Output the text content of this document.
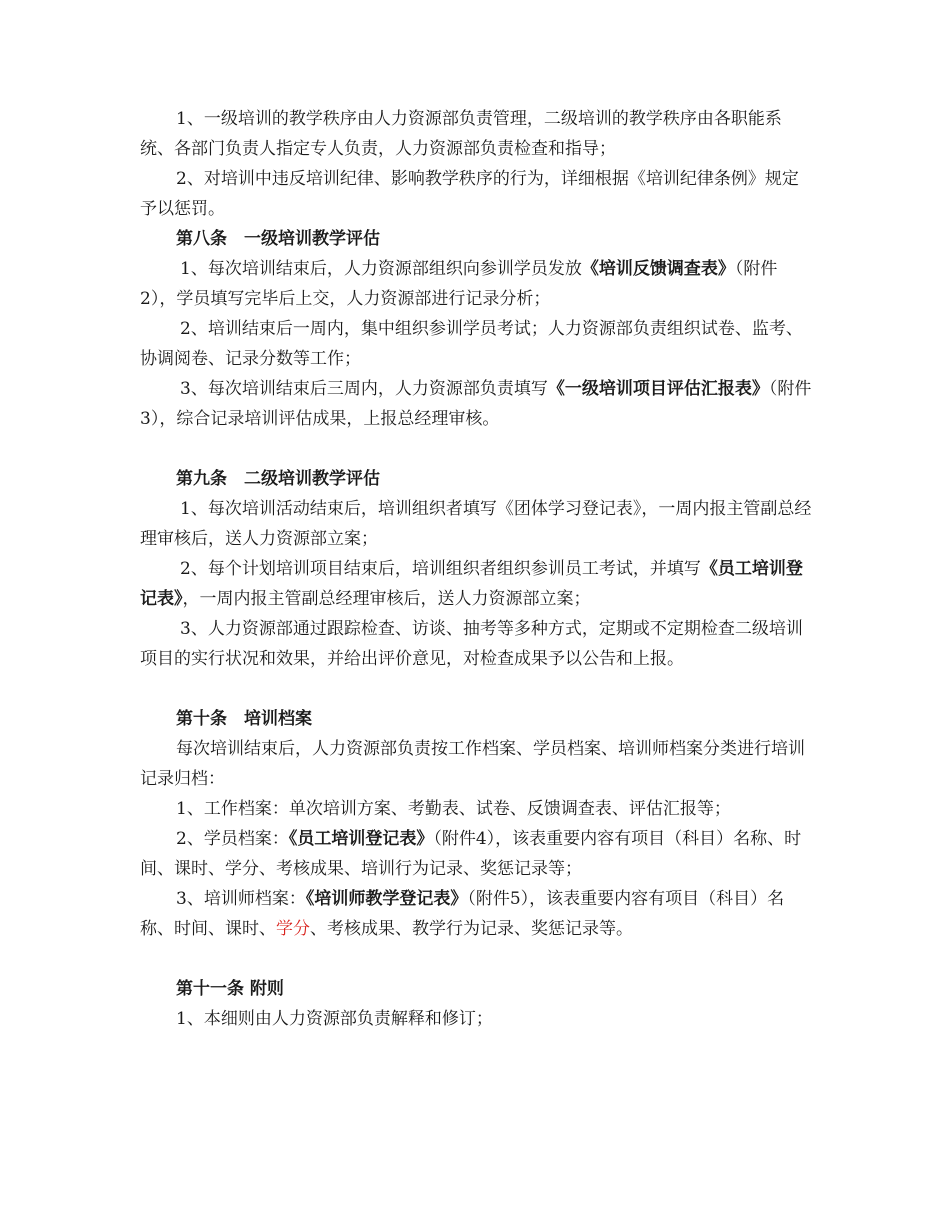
1、一级培训的教学秩序由人力资源部负责管理，二级培训的教学秩序由各职能系统、各部门负责人指定专人负责，人力资源部负责检查和指导；

2、对培训中违反培训纪律、影响教学秩序的行为，详细根据《培训纪律条例》规定予以惩罚。

第八条　一级培训教学评估

1、每次培训结束后，人力资源部组织向参训学员发放《培训反馈调查表》（附件2），学员填写完毕后上交，人力资源部进行记录分析；

2、培训结束后一周内，集中组织参训学员考试；人力资源部负责组织试卷、监考、协调阅卷、记录分数等工作；

3、每次培训结束后三周内，人力资源部负责填写《一级培训项目评估汇报表》（附件3），综合记录培训评估成果，上报总经理审核。

第九条　二级培训教学评估

1、每次培训活动结束后，培训组织者填写《团体学习登记表》，一周内报主管副总经理审核后，送人力资源部立案；

2、每个计划培训项目结束后，培训组织者组织参训员工考试，并填写《员工培训登记表》，一周内报主管副总经理审核后，送人力资源部立案；

3、人力资源部通过跟踪检查、访谈、抽考等多种方式，定期或不定期检查二级培训项目的实行状况和效果，并给出评价意见，对检查成果予以公告和上报。

第十条　培训档案

每次培训结束后，人力资源部负责按工作档案、学员档案、培训师档案分类进行培训记录归档：

1、工作档案：单次培训方案、考勤表、试卷、反馈调查表、评估汇报等；

2、学员档案：《员工培训登记表》（附件4），该表重要内容有项目（科目）名称、时间、课时、学分、考核成果、培训行为记录、奖惩记录等；

3、培训师档案：《培训师教学登记表》（附件5），该表重要内容有项目（科目）名称、时间、课时、学分、考核成果、教学行为记录、奖惩记录等。

第十一条 附则

1、本细则由人力资源部负责解释和修订；
